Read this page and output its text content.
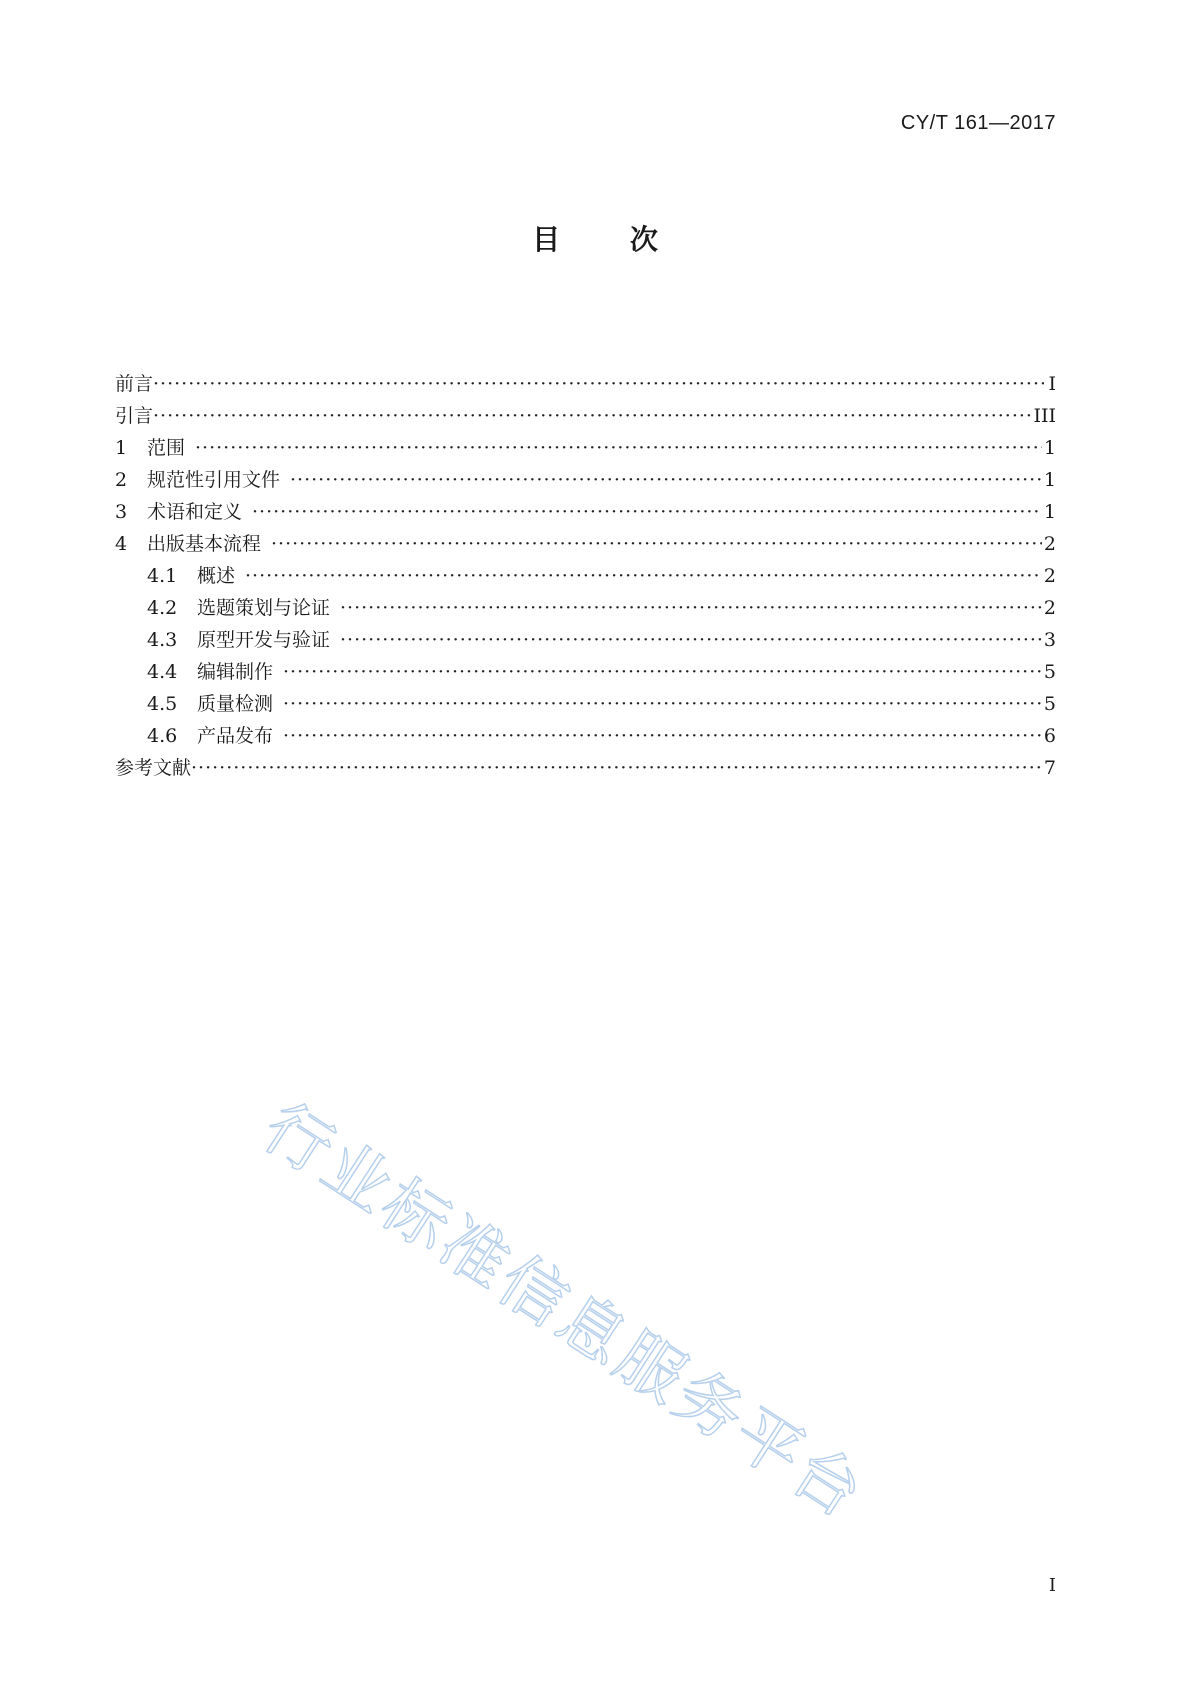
CY/T 161—2017
目 次
前言 ·····	I
引言 ·····	III
1	范围 ·····	1
2	规范性引用文件 ·····	1
3	术语和定义 ·····	1
4	出版基本流程 ·····	2
4.1	概述 ·····	2
4.2	选题策划与论证 ·····	2
4.3	原型开发与验证 ·····	3
4.4	编辑制作 ·····	5
4.5	质量检测 ·····	5
4.6	产品发布 ·····	6
参考文献 ·····	7
行业标准信息服务平台
I
